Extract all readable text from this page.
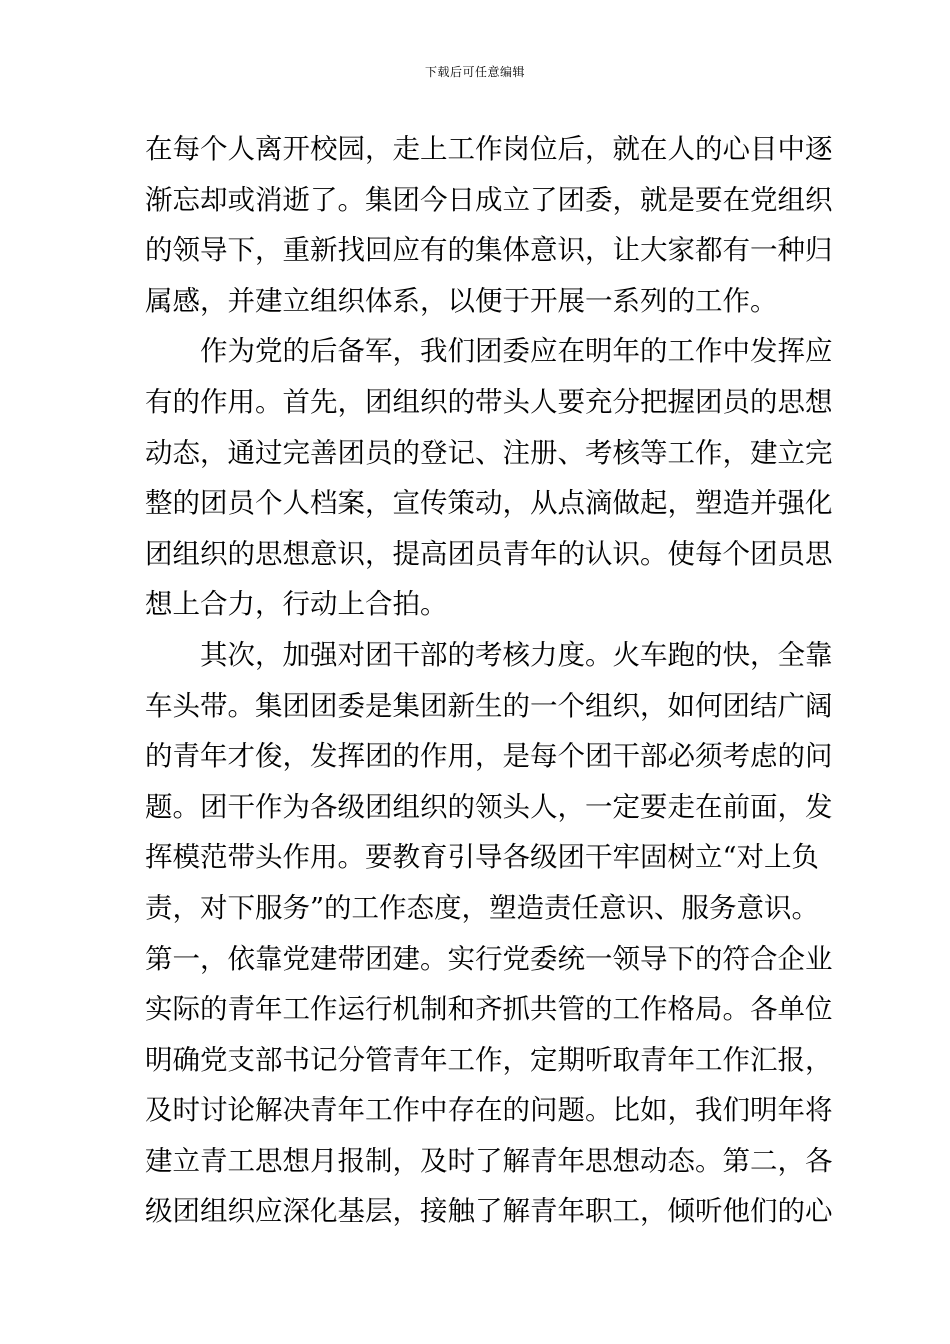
下载后可任意编辑
在每个人离开校园，走上工作岗位后，就在人的心目中逐
渐忘却或消逝了。集团今日成立了团委，就是要在党组织
的领导下，重新找回应有的集体意识，让大家都有一种归
属感，并建立组织体系，以便于开展一系列的工作。
作为党的后备军，我们团委应在明年的工作中发挥应
有的作用。首先，团组织的带头人要充分把握团员的思想
动态，通过完善团员的登记、注册、考核等工作，建立完
整的团员个人档案，宣传策动，从点滴做起，塑造并强化
团组织的思想意识，提高团员青年的认识。使每个团员思
想上合力，行动上合拍。
其次，加强对团干部的考核力度。火车跑的快，全靠
车头带。集团团委是集团新生的一个组织，如何团结广阔
的青年才俊，发挥团的作用，是每个团干部必须考虑的问
题。团干作为各级团组织的领头人，一定要走在前面，发
挥模范带头作用。要教育引导各级团干牢固树立“对上负
责，对下服务”的工作态度，塑造责任意识、服务意识。
第一，依靠党建带团建。实行党委统一领导下的符合企业
实际的青年工作运行机制和齐抓共管的工作格局。各单位
明确党支部书记分管青年工作，定期听取青年工作汇报，
及时讨论解决青年工作中存在的问题。比如，我们明年将
建立青工思想月报制，及时了解青年思想动态。第二，各
级团组织应深化基层，接触了解青年职工，倾听他们的心
